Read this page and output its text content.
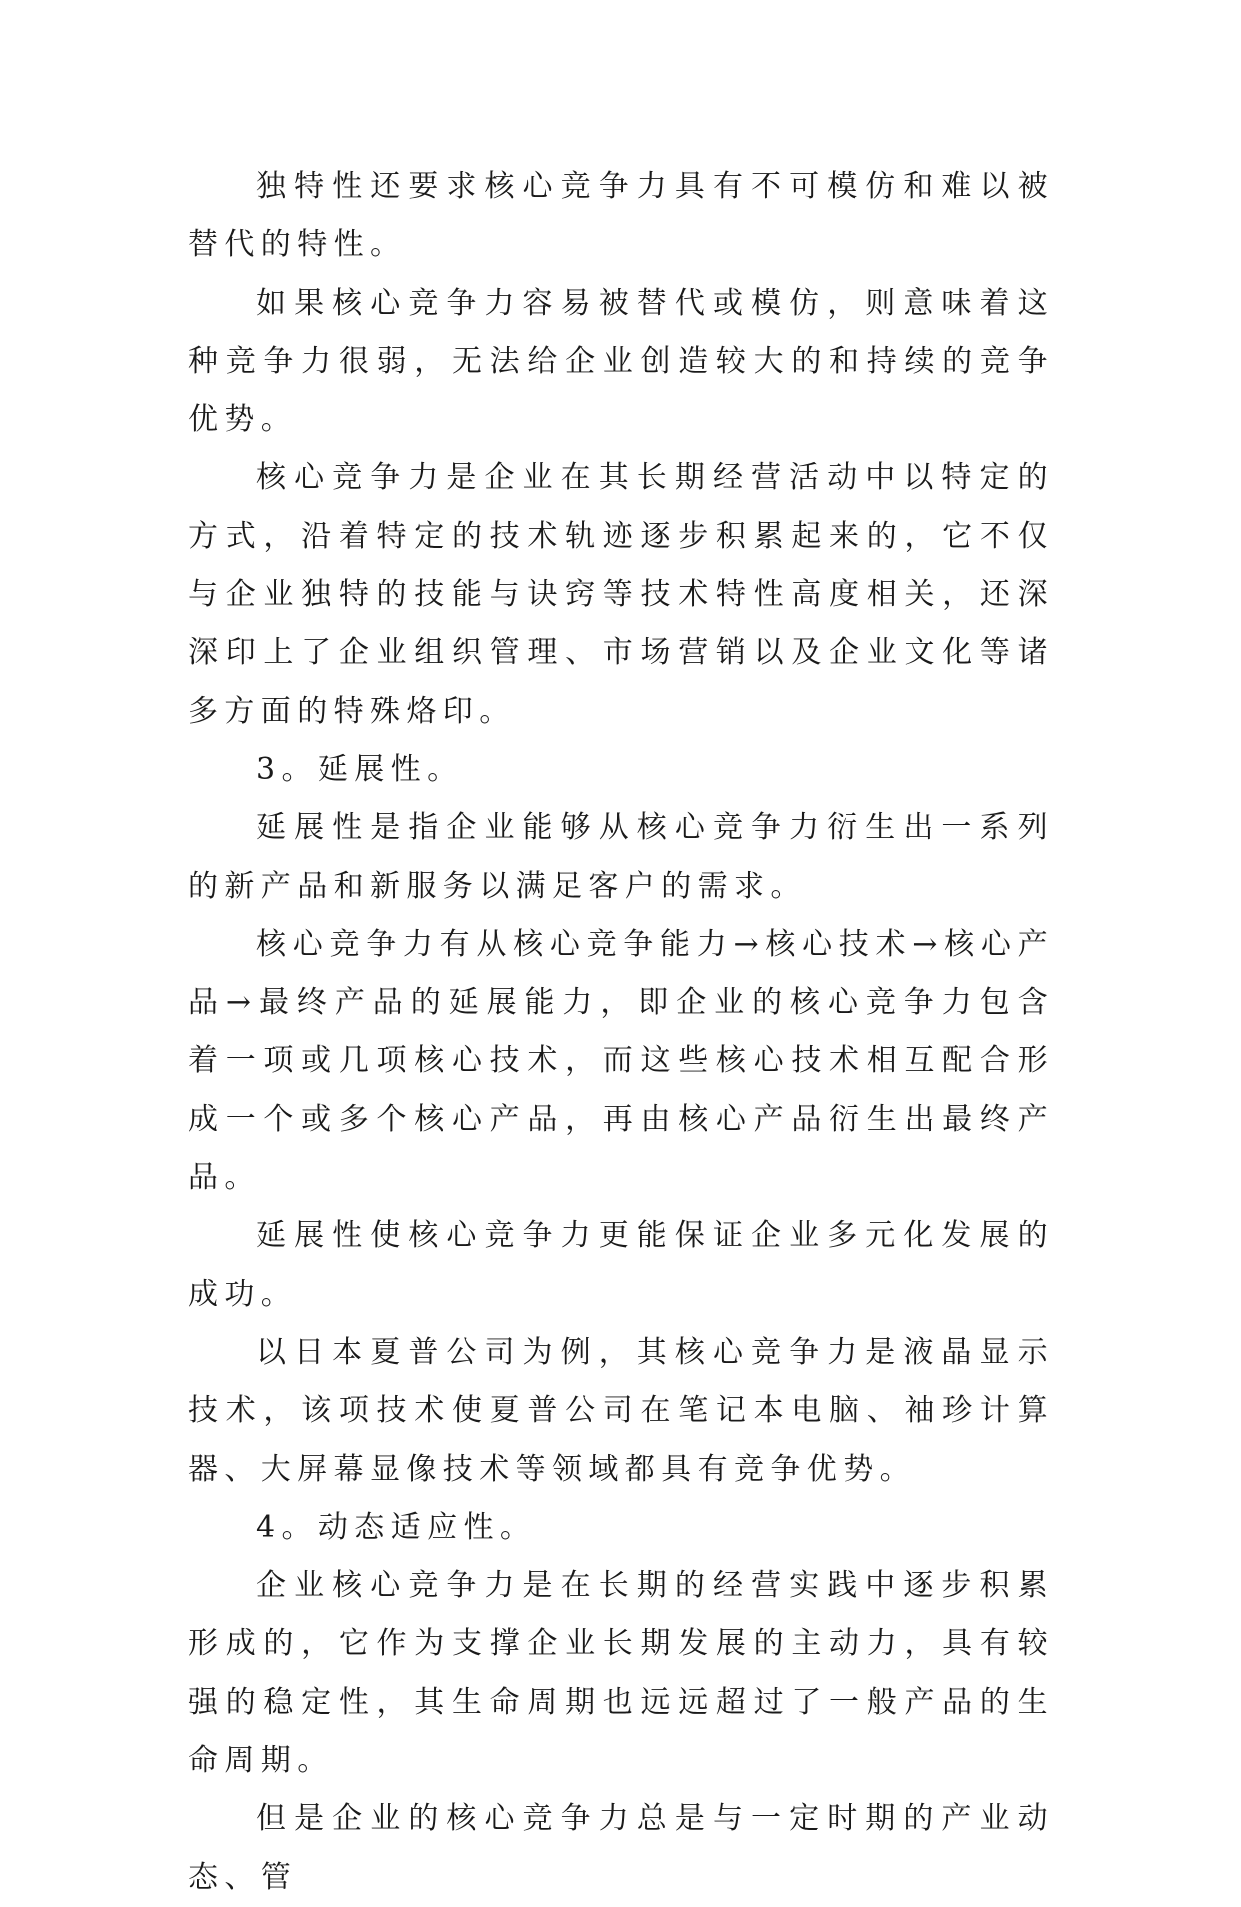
独特性还要求核心竞争力具有不可模仿和难以被替代的特性。

如果核心竞争力容易被替代或模仿，则意味着这种竞争力很弱，无法给企业创造较大的和持续的竞争优势。

核心竞争力是企业在其长期经营活动中以特定的方式，沿着特定的技术轨迹逐步积累起来的，它不仅与企业独特的技能与诀窍等技术特性高度相关，还深深印上了企业组织管理、市场营销以及企业文化等诸多方面的特殊烙印。

3。延展性。

延展性是指企业能够从核心竞争力衍生出一系列的新产品和新服务以满足客户的需求。

核心竞争力有从核心竞争能力→核心技术→核心产品→最终产品的延展能力，即企业的核心竞争力包含着一项或几项核心技术，而这些核心技术相互配合形成一个或多个核心产品，再由核心产品衍生出最终产品。

延展性使核心竞争力更能保证企业多元化发展的成功。

以日本夏普公司为例，其核心竞争力是液晶显示技术，该项技术使夏普公司在笔记本电脑、袖珍计算器、大屏幕显像技术等领域都具有竞争优势。

4。动态适应性。

企业核心竞争力是在长期的经营实践中逐步积累形成的，它作为支撑企业长期发展的主动力，具有较强的稳定性，其生命周期也远远超过了一般产品的生命周期。

但是企业的核心竞争力总是与一定时期的产业动态、管
